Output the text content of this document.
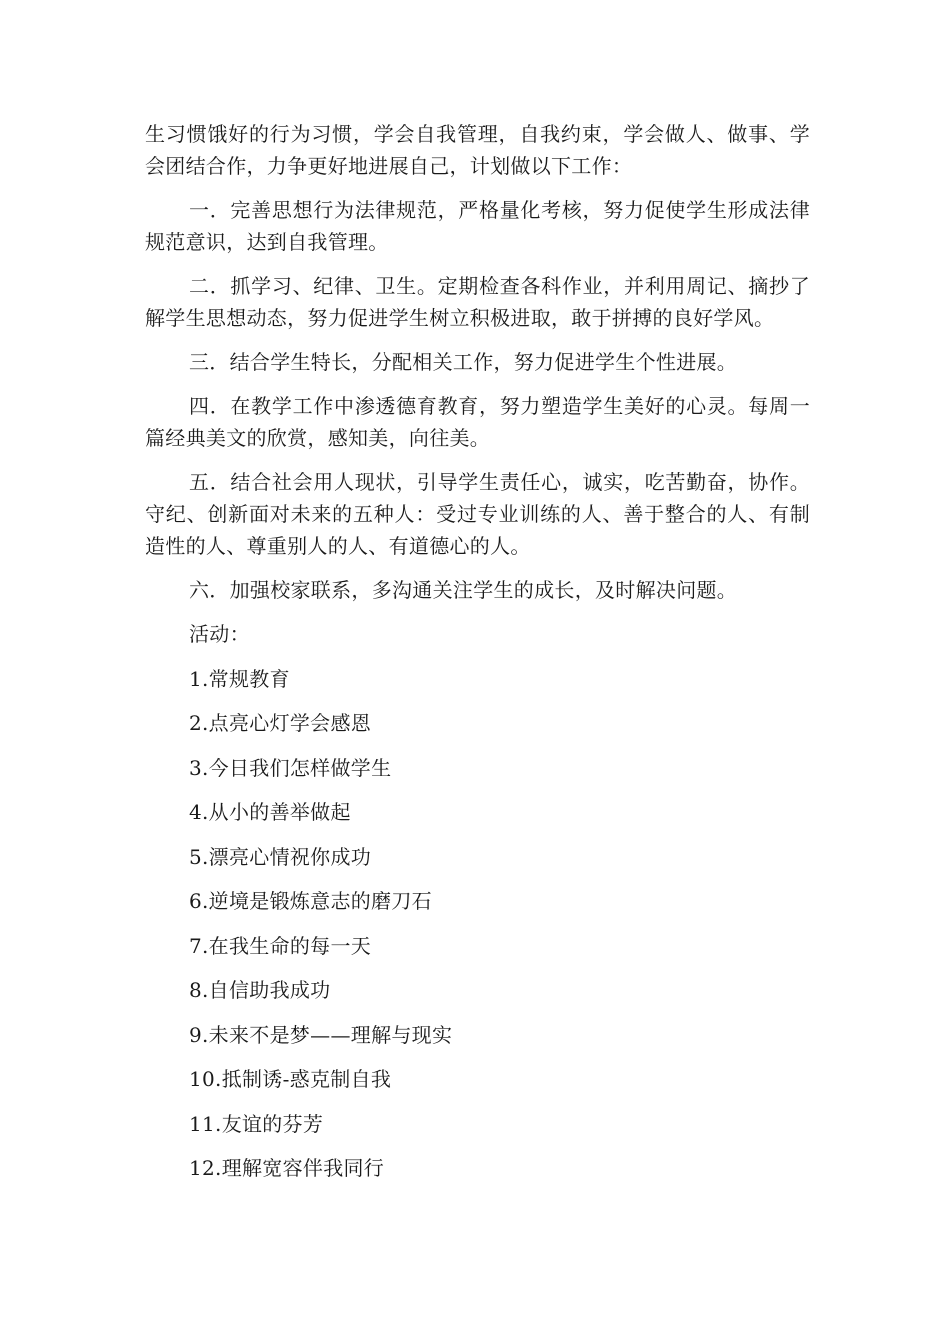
生习惯饿好的行为习惯，学会自我管理，自我约束，学会做人、做事、学会团结合作，力争更好地进展自己，计划做以下工作：

一．完善思想行为法律规范，严格量化考核，努力促使学生形成法律规范意识，达到自我管理。

二．抓学习、纪律、卫生。定期检查各科作业，并利用周记、摘抄了解学生思想动态，努力促进学生树立积极进取，敢于拼搏的良好学风。

三．结合学生特长，分配相关工作，努力促进学生个性进展。

四．在教学工作中渗透德育教育，努力塑造学生美好的心灵。每周一篇经典美文的欣赏，感知美，向往美。

五．结合社会用人现状，引导学生责任心，诚实，吃苦勤奋，协作。守纪、创新面对未来的五种人：受过专业训练的人、善于整合的人、有制造性的人、尊重别人的人、有道德心的人。

六．加强校家联系，多沟通关注学生的成长，及时解决问题。

活动：

1.常规教育

2.点亮心灯学会感恩

3.今日我们怎样做学生

4.从小的善举做起

5.漂亮心情祝你成功

6.逆境是锻炼意志的磨刀石

7.在我生命的每一天

8.自信助我成功

9.未来不是梦——理解与现实

10.抵制诱-惑克制自我

11.友谊的芬芳

12.理解宽容伴我同行
